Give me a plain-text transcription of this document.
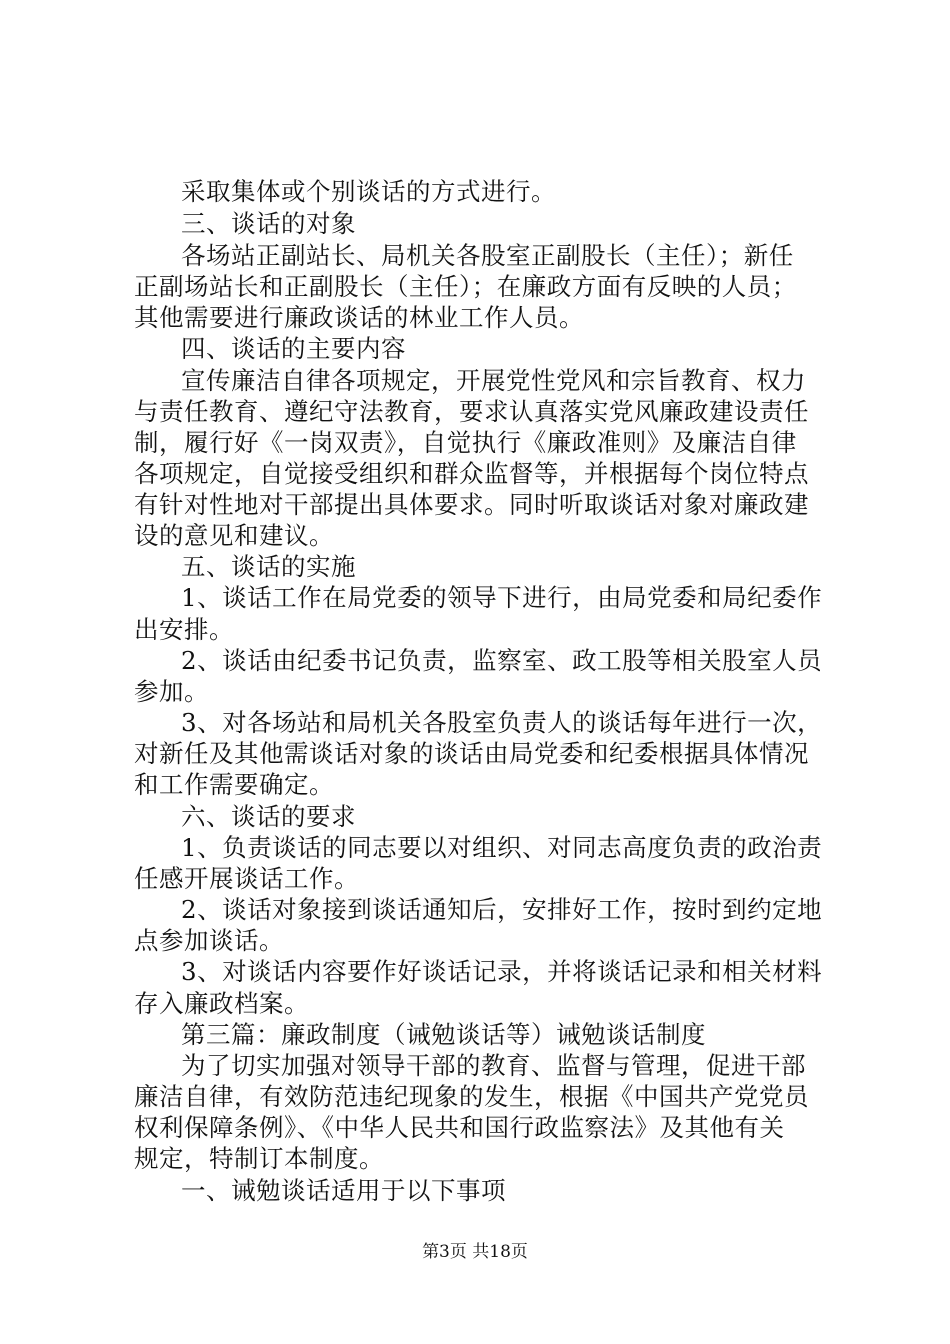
采取集体或个别谈话的方式进行。
三、谈话的对象
各场站正副站长、局机关各股室正副股长（主任）；新任
正副场站长和正副股长（主任）；在廉政方面有反映的人员；
其他需要进行廉政谈话的林业工作人员。
四、谈话的主要内容
宣传廉洁自律各项规定，开展党性党风和宗旨教育、权力
与责任教育、遵纪守法教育，要求认真落实党风廉政建设责任
制，履行好《一岗双责》，自觉执行《廉政准则》及廉洁自律
各项规定，自觉接受组织和群众监督等，并根据每个岗位特点
有针对性地对干部提出具体要求。同时听取谈话对象对廉政建
设的意见和建议。
五、谈话的实施
1、谈话工作在局党委的领导下进行，由局党委和局纪委作
出安排。
2、谈话由纪委书记负责，监察室、政工股等相关股室人员
参加。
3、对各场站和局机关各股室负责人的谈话每年进行一次，
对新任及其他需谈话对象的谈话由局党委和纪委根据具体情况
和工作需要确定。
六、谈话的要求
1、负责谈话的同志要以对组织、对同志高度负责的政治责
任感开展谈话工作。
2、谈话对象接到谈话通知后，安排好工作，按时到约定地
点参加谈话。
3、对谈话内容要作好谈话记录，并将谈话记录和相关材料
存入廉政档案。
第三篇：廉政制度（诫勉谈话等）诫勉谈话制度
为了切实加强对领导干部的教育、监督与管理，促进干部
廉洁自律，有效防范违纪现象的发生，根据《中国共产党党员
权利保障条例》、《中华人民共和国行政监察法》及其他有关
规定，特制订本制度。
一、诫勉谈话适用于以下事项
第3页 共18页
